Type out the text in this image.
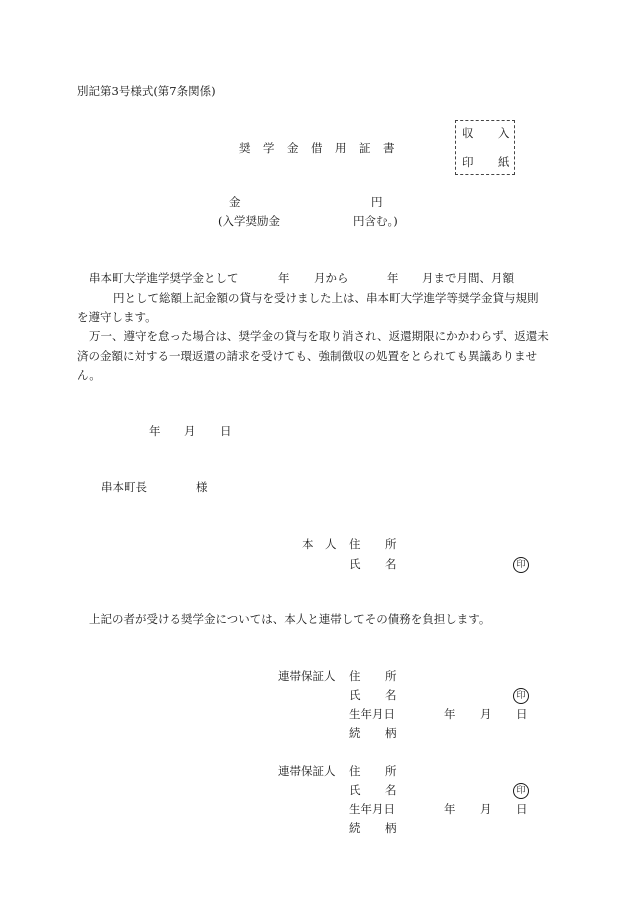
別記第3号様式(第7条関係)
奨 学 金 借 用 証 書
収 入
印 紙
金	円
(入学奨励金	円含む。)
串本町大学進学奨学金として	年 月から	年 月まで月間、月額
円として総額上記金額の貸与を受けました上は、串本町大学進学等奨学金貸与規則
を遵守します。
万一、遵守を怠った場合は、奨学金の貸与を取り消され、返還期限にかかわらず、返還未済の金額に対する一環返還の請求を受けても、強制徴収の処置をとられても異議ありません。
年 月 日
串本町長	様
本 人 住 所
氏 名	印
上記の者が受ける奨学金については、本人と連帯してその債務を負担します。
連帯保証人 住 所
氏 名	印
生年月日	年 月 日
続 柄
連帯保証人 住 所
氏 名	印
生年月日	年 月 日
続 柄
